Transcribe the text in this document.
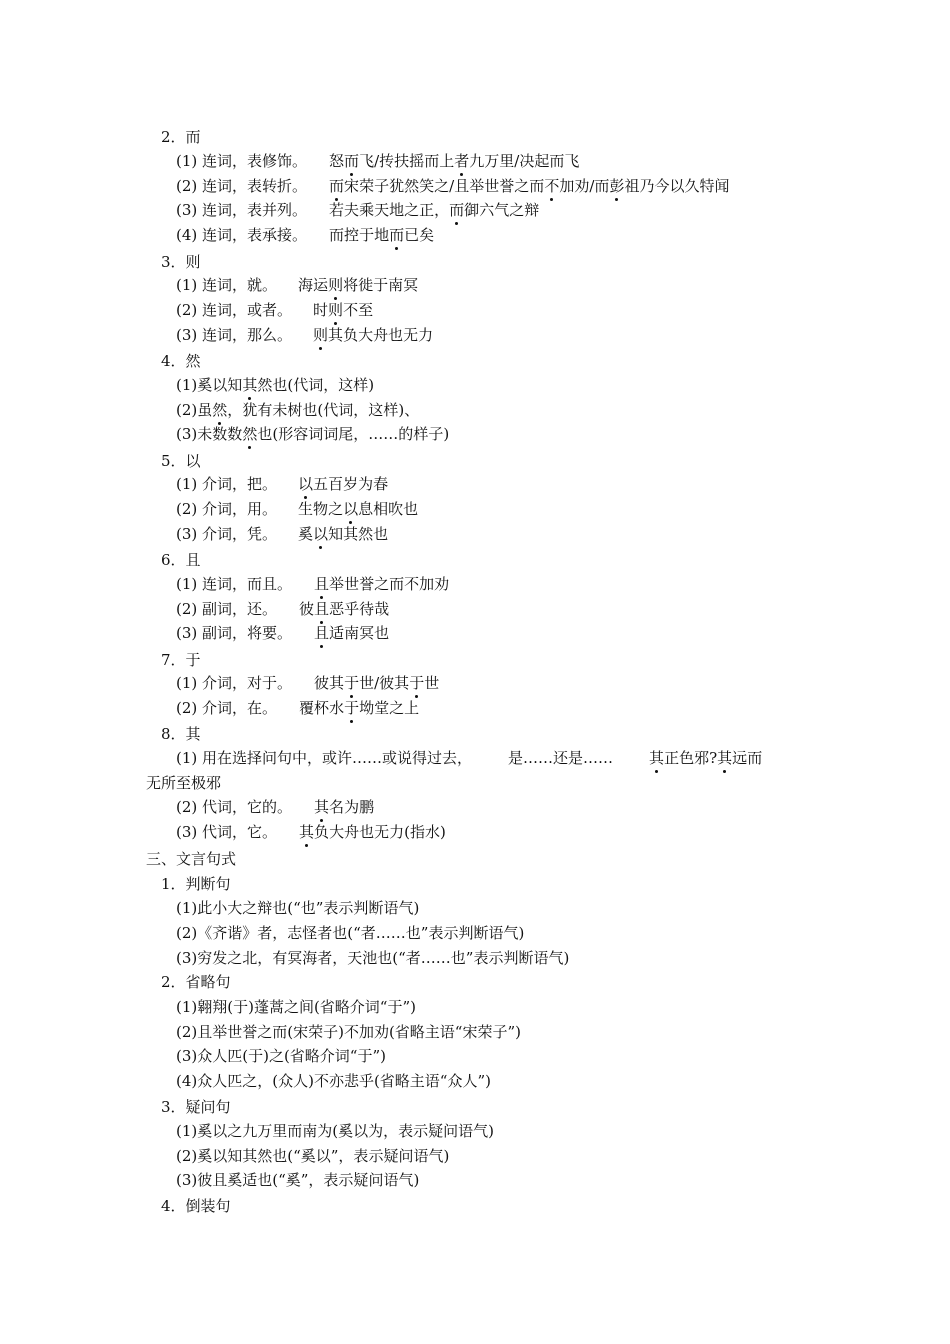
2．而
(1) 连词，表修饰。 怒而飞/抟扶摇而上者九万里/决起而飞
(2) 连词，表转折。 而宋荣子犹然笑之/且举世誉之而不加劝/而彭祖乃今以久特闻
(3) 连词，表并列。 若夫乘天地之正，而御六气之辩
(4) 连词，表承接。 而控于地而已矣
3．则
(1) 连词，就。 海运则将徙于南冥
(2) 连词，或者。 时则不至
(3) 连词，那么。 则其负大舟也无力
4．然
(1)奚以知其然也(代词，这样)
(2)虽然，犹有未树也(代词，这样)、
(3)未数数然也(形容词词尾，……的样子)
5．以
(1) 介词，把。 以五百岁为春
(2) 介词，用。 生物之以息相吹也
(3) 介词，凭。 奚以知其然也
6．且
(1) 连词，而且。 且举世誉之而不加劝
(2) 副词，还。 彼且恶乎待哉
(3) 副词，将要。 且适南冥也
7．于
(1) 介词，对于。 彼其于世/彼其于世
(2) 介词，在。 覆杯水于坳堂之上
8．其
(1) 用在选择问句中，或许……或说得过去， 是……还是…… 其正色邪?其远而
无所至极邪
(2) 代词，它的。 其名为鹏
(3) 代词，它。 其负大舟也无力(指水)
三、文言句式
1．判断句
(1)此小大之辩也(“也”表示判断语气)
(2)《齐谐》者，志怪者也(“者……也”表示判断语气)
(3)穷发之北，有冥海者，天池也(“者……也”表示判断语气)
2．省略句
(1)翱翔(于)蓬蒿之间(省略介词“于”)
(2)且举世誉之而(宋荣子)不加劝(省略主语“宋荣子”)
(3)众人匹(于)之(省略介词“于”)
(4)众人匹之，(众人)不亦悲乎(省略主语“众人”)
3．疑问句
(1)奚以之九万里而南为(奚以为，表示疑问语气)
(2)奚以知其然也(“奚以”，表示疑问语气)
(3)彼且奚适也(“奚”，表示疑问语气)
4．倒装句
